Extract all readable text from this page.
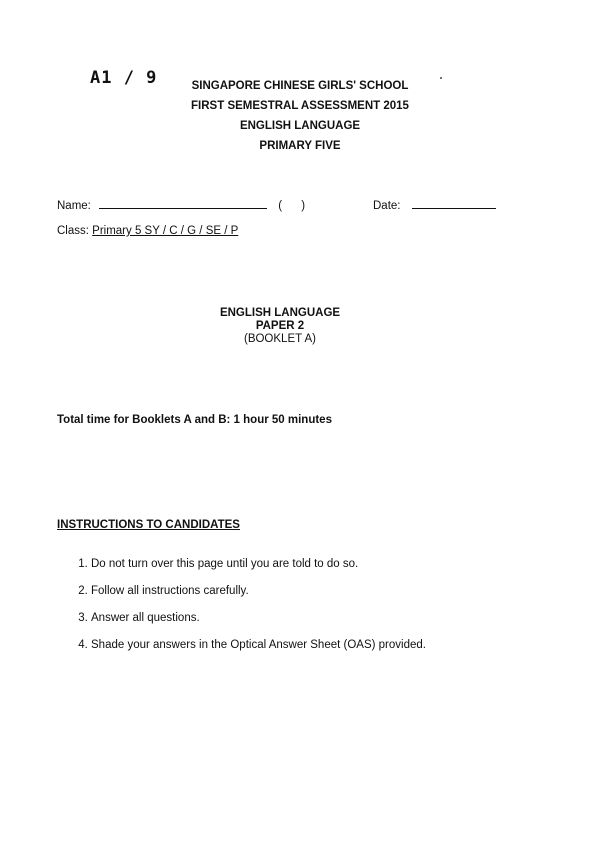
A1 / 9	SINGAPORE CHINESE GIRLS' SCHOOL
FIRST SEMESTRAL ASSESSMENT 2015
ENGLISH LANGUAGE
PRIMARY FIVE
Name:	(      )	Date:
Class: Primary 5 SY / C / G / SE / P
ENGLISH LANGUAGE
PAPER 2
(BOOKLET A)
Total time for Booklets A and B: 1 hour 50 minutes
INSTRUCTIONS TO CANDIDATES
1. Do not turn over this page until you are told to do so.
2. Follow all instructions carefully.
3. Answer all questions.
4. Shade your answers in the Optical Answer Sheet (OAS) provided.
